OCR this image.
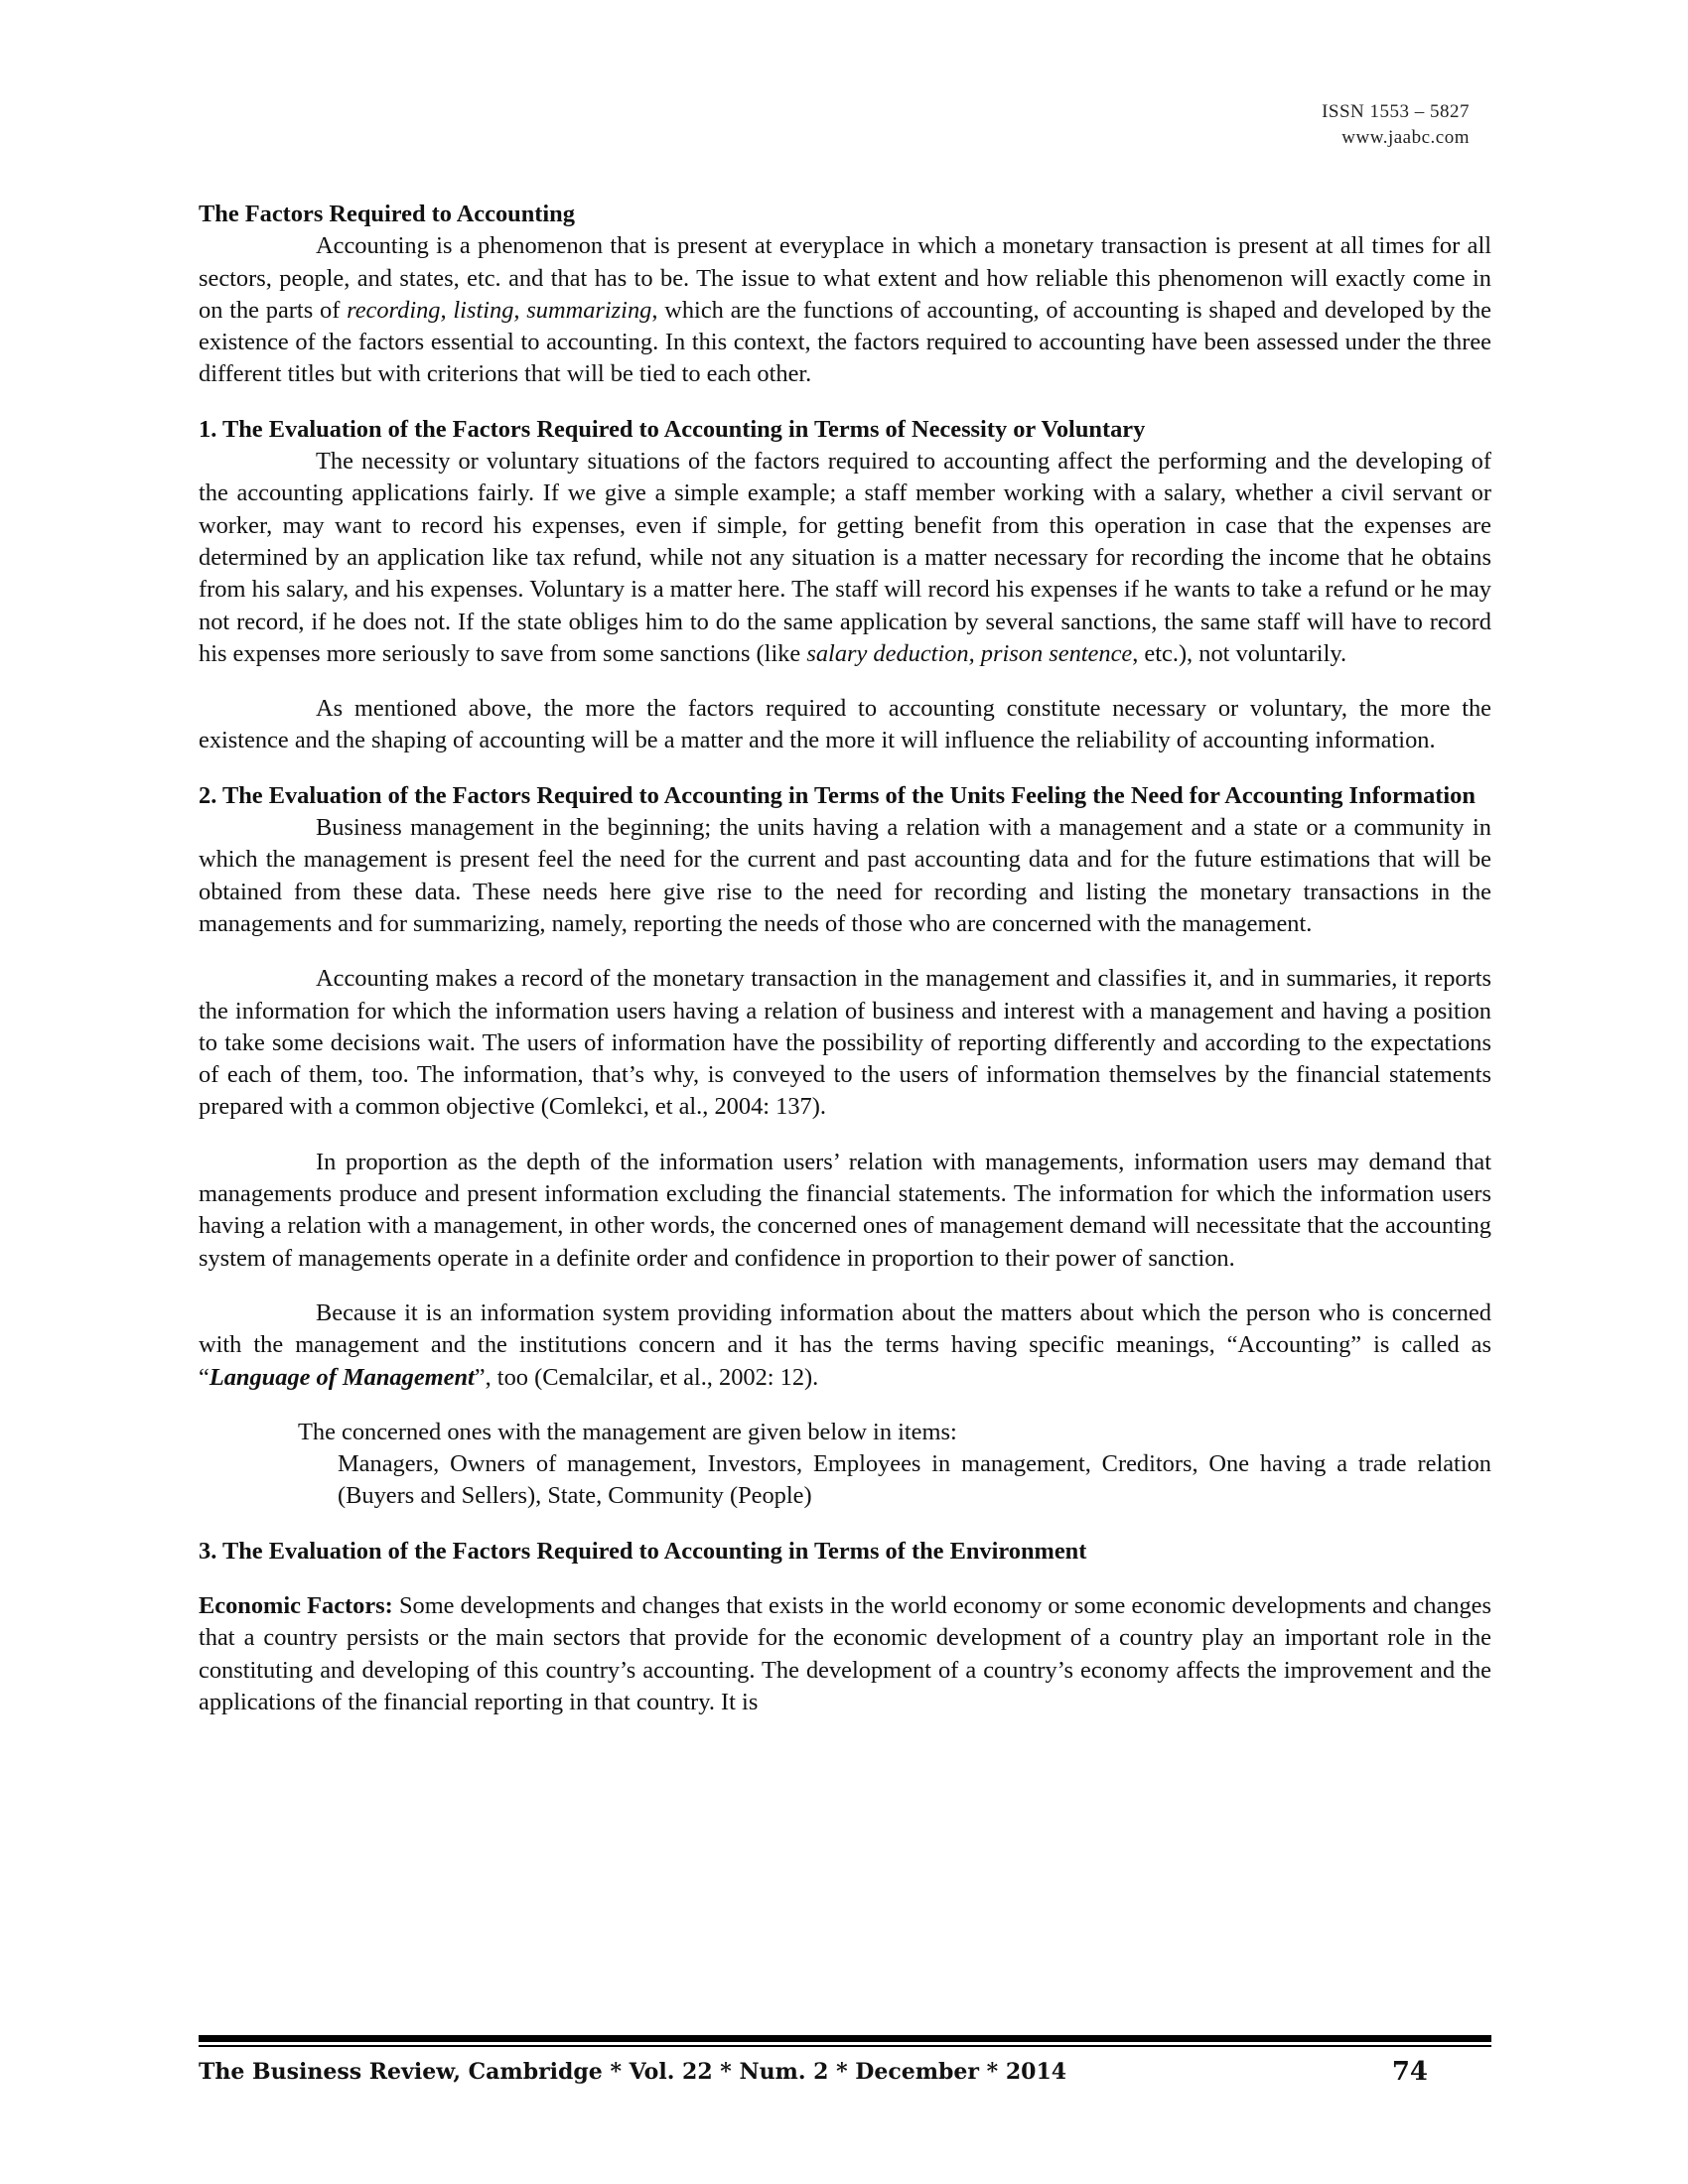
ISSN 1553 – 5827
www.jaabc.com

The Factors Required to Accounting

Accounting is a phenomenon that is present at everyplace in which a monetary transaction is present at all times for all sectors, people, and states, etc. and that has to be. The issue to what extent and how reliable this phenomenon will exactly come in on the parts of recording, listing, summarizing, which are the functions of accounting, of accounting is shaped and developed by the existence of the factors essential to accounting. In this context, the factors required to accounting have been assessed under the three different titles but with criterions that will be tied to each other.

1. The Evaluation of the Factors Required to Accounting in Terms of Necessity or Voluntary

The necessity or voluntary situations of the factors required to accounting affect the performing and the developing of the accounting applications fairly. If we give a simple example; a staff member working with a salary, whether a civil servant or worker, may want to record his expenses, even if simple, for getting benefit from this operation in case that the expenses are determined by an application like tax refund, while not any situation is a matter necessary for recording the income that he obtains from his salary, and his expenses. Voluntary is a matter here. The staff will record his expenses if he wants to take a refund or he may not record, if he does not. If the state obliges him to do the same application by several sanctions, the same staff will have to record his expenses more seriously to save from some sanctions (like salary deduction, prison sentence, etc.), not voluntarily.

As mentioned above, the more the factors required to accounting constitute necessary or voluntary, the more the existence and the shaping of accounting will be a matter and the more it will influence the reliability of accounting information.

2. The Evaluation of the Factors Required to Accounting in Terms of the Units Feeling the Need for Accounting Information

Business management in the beginning; the units having a relation with a management and a state or a community in which the management is present feel the need for the current and past accounting data and for the future estimations that will be obtained from these data. These needs here give rise to the need for recording and listing the monetary transactions in the managements and for summarizing, namely, reporting the needs of those who are concerned with the management.

Accounting makes a record of the monetary transaction in the management and classifies it, and in summaries, it reports the information for which the information users having a relation of business and interest with a management and having a position to take some decisions wait. The users of information have the possibility of reporting differently and according to the expectations of each of them, too. The information, that’s why, is conveyed to the users of information themselves by the financial statements prepared with a common objective (Comlekci, et al., 2004: 137).

In proportion as the depth of the information users’ relation with managements, information users may demand that managements produce and present information excluding the financial statements. The information for which the information users having a relation with a management, in other words, the concerned ones of management demand will necessitate that the accounting system of managements operate in a definite order and confidence in proportion to their power of sanction.

Because it is an information system providing information about the matters about which the person who is concerned with the management and the institutions concern and it has the terms having specific meanings, “Accounting” is called as “Language of Management”, too (Cemalcilar, et al., 2002: 12).

The concerned ones with the management are given below in items:

Managers, Owners of management, Investors, Employees in management, Creditors, One having a trade relation (Buyers and Sellers), State, Community (People)

3. The Evaluation of the Factors Required to Accounting in Terms of the Environment

Economic Factors: Some developments and changes that exists in the world economy or some economic developments and changes that a country persists or the main sectors that provide for the economic development of a country play an important role in the constituting and developing of this country’s accounting. The development of a country’s economy affects the improvement and the applications of the financial reporting in that country. It is

The Business Review, Cambridge * Vol. 22 * Num. 2 * December * 2014	74
